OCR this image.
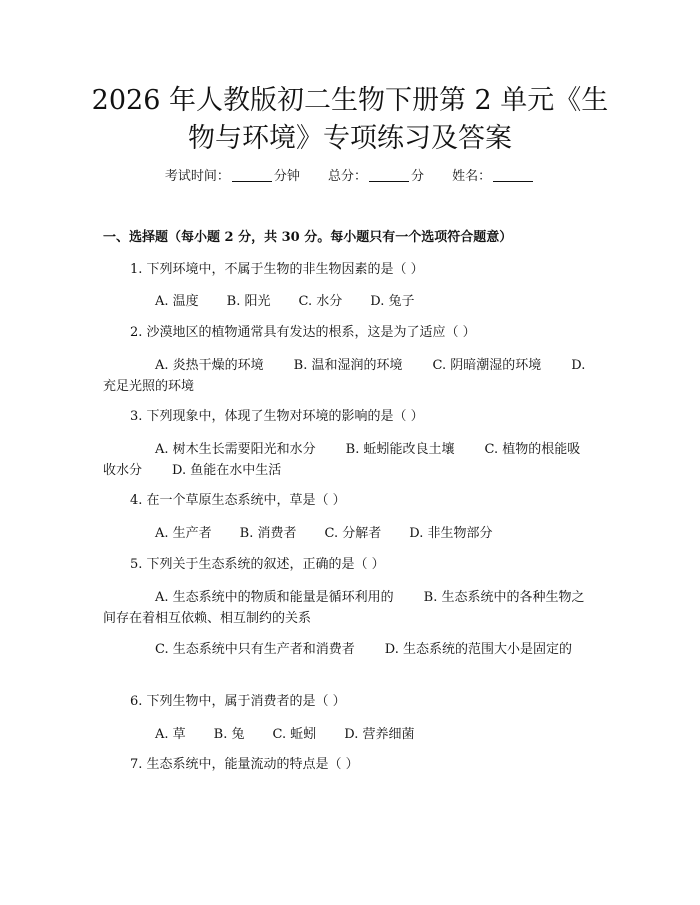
2026 年人教版初二生物下册第 2 单元《生物与环境》专项练习及答案
考试时间：	分钟 总分：	分 姓名：
一、选择题（每小题 2 分，共 30 分。每小题只有一个选项符合题意）
1. 下列环境中，不属于生物的非生物因素的是（ ）
A. 温度 B. 阳光 C. 水分 D. 兔子
2. 沙漠地区的植物通常具有发达的根系，这是为了适应（ ）
A. 炎热干燥的环境 B. 温和湿润的环境 C. 阴暗潮湿的环境 D. 充足光照的环境
3. 下列现象中，体现了生物对环境的影响的是（ ）
A. 树木生长需要阳光和水分 B. 蚯蚓能改良土壤 C. 植物的根能吸收水分 D. 鱼能在水中生活
4. 在一个草原生态系统中，草是（ ）
A. 生产者 B. 消费者 C. 分解者 D. 非生物部分
5. 下列关于生态系统的叙述，正确的是（ ）
A. 生态系统中的物质和能量是循环利用的 B. 生态系统中的各种生物之间存在着相互依赖、相互制约的关系
C. 生态系统中只有生产者和消费者 D. 生态系统的范围大小是固定的
6. 下列生物中，属于消费者的是（ ）
A. 草 B. 兔 C. 蚯蚓 D. 营养细菌
7. 生态系统中，能量流动的特点是（ ）
